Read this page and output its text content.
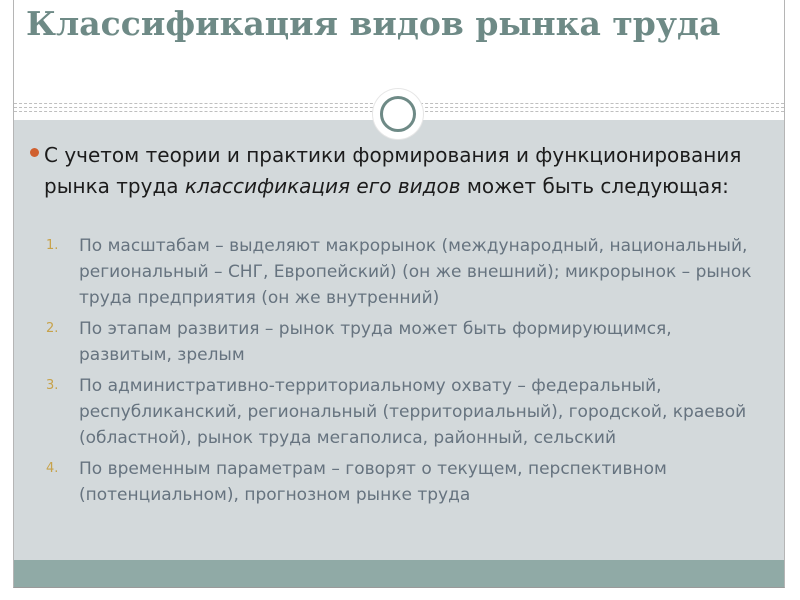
Классификация видов рынка труда

С учетом теории и практики формирования и функционирования рынка труда классификация его видов может быть следующая:

1. По масштабам – выделяют макрорынок (международный, национальный, региональный – СНГ, Европейский) (он же внешний); микрорынок – рынок труда предприятия (он же внутренний)
2. По этапам развития – рынок труда может быть формирующимся, развитым, зрелым
3. По административно-территориальному охвату – федеральный, республиканский, региональный (территориальный), городской, краевой (областной), рынок труда мегаполиса, районный, сельский
4. По временным параметрам – говорят о текущем, перспективном (потенциальном), прогнозном рынке труда
